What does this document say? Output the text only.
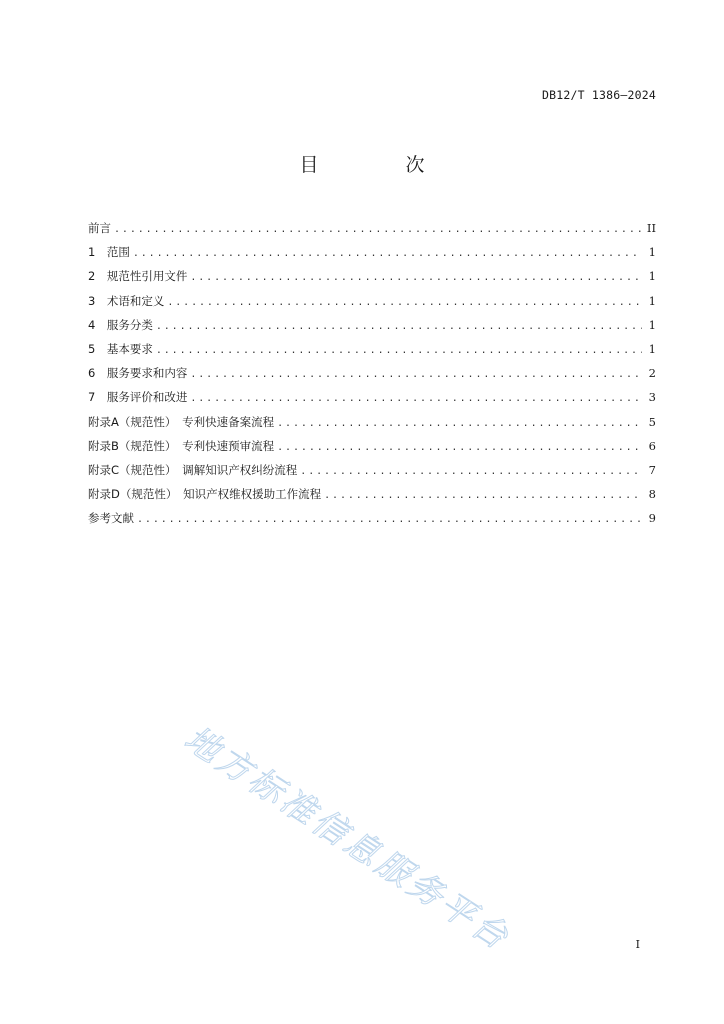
DB12/T 1386—2024
目　次
前言 .....	II
1　范围 .....	1
2　规范性引用文件 .....	1
3　术语和定义 .....	1
4　服务分类 .....	1
5　基本要求 .....	1
6　服务要求和内容 .....	2
7　服务评价和改进 .....	3
附录A（规范性）　专利快速备案流程 .....	5
附录B（规范性）　专利快速预审流程 .....	6
附录C（规范性）　调解知识产权纠纷流程 .....	7
附录D（规范性）　知识产权维权援助工作流程 .....	8
参考文献 .....	9
地方标准信息服务平台	I
